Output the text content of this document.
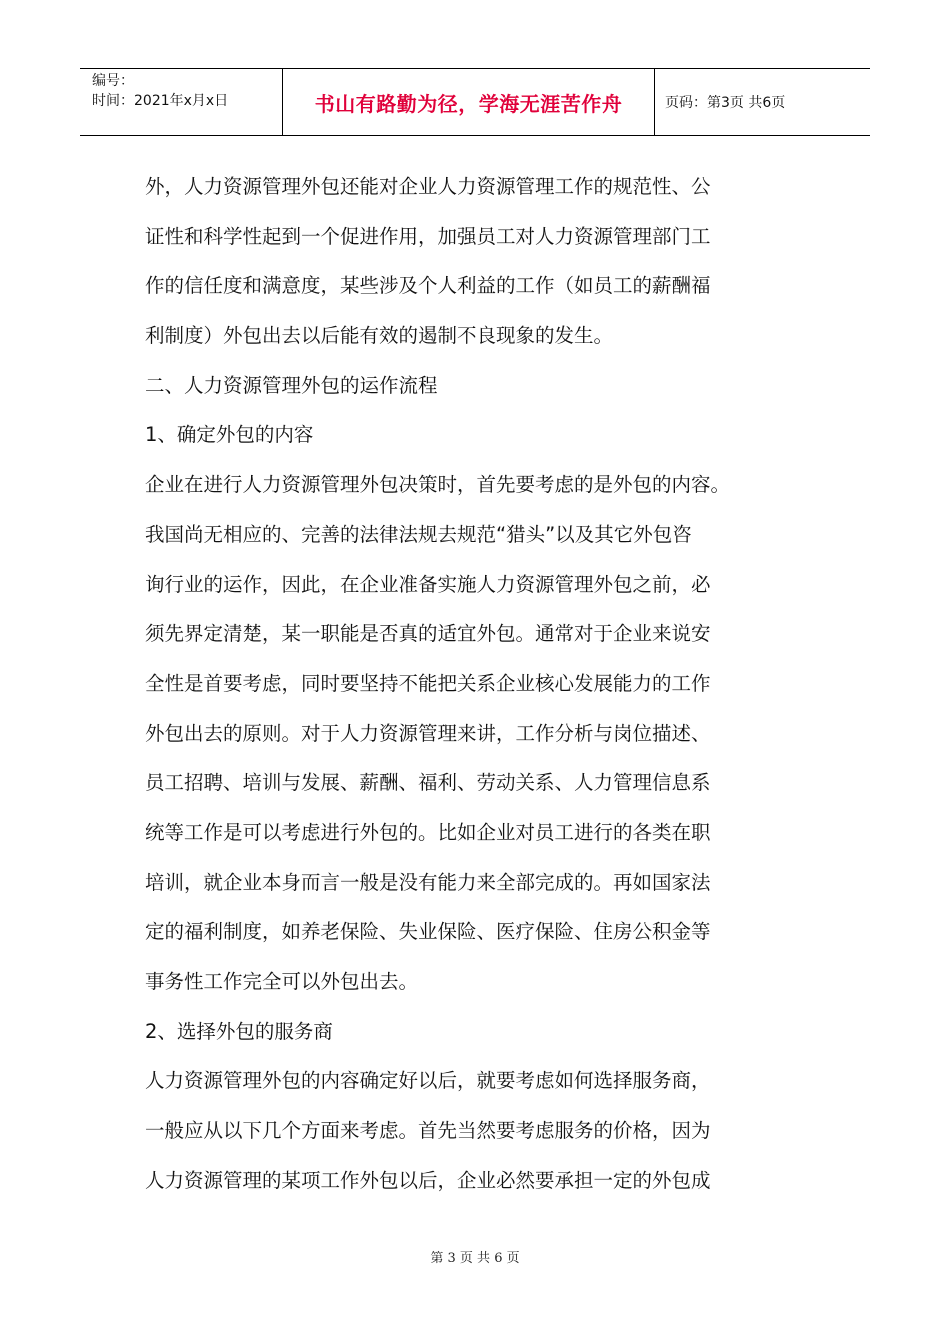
编号：
时间：2021年x月x日	书山有路勤为径，学海无涯苦作舟	页码：第3页 共6页
外，人力资源管理外包还能对企业人力资源管理工作的规范性、公
证性和科学性起到一个促进作用，加强员工对人力资源管理部门工
作的信任度和满意度，某些涉及个人利益的工作（如员工的薪酬福
利制度）外包出去以后能有效的遏制不良现象的发生。
二、人力资源管理外包的运作流程
1、确定外包的内容
企业在进行人力资源管理外包决策时，首先要考虑的是外包的内容。
我国尚无相应的、完善的法律法规去规范“猎头”以及其它外包咨
询行业的运作，因此，在企业准备实施人力资源管理外包之前，必
须先界定清楚，某一职能是否真的适宜外包。通常对于企业来说安
全性是首要考虑，同时要坚持不能把关系企业核心发展能力的工作
外包出去的原则。对于人力资源管理来讲，工作分析与岗位描述、
员工招聘、培训与发展、薪酬、福利、劳动关系、人力管理信息系
统等工作是可以考虑进行外包的。比如企业对员工进行的各类在职
培训，就企业本身而言一般是没有能力来全部完成的。再如国家法
定的福利制度，如养老保险、失业保险、医疗保险、住房公积金等
事务性工作完全可以外包出去。
2、选择外包的服务商
人力资源管理外包的内容确定好以后，就要考虑如何选择服务商，
一般应从以下几个方面来考虑。首先当然要考虑服务的价格，因为
人力资源管理的某项工作外包以后，企业必然要承担一定的外包成
第 3 页 共 6 页
